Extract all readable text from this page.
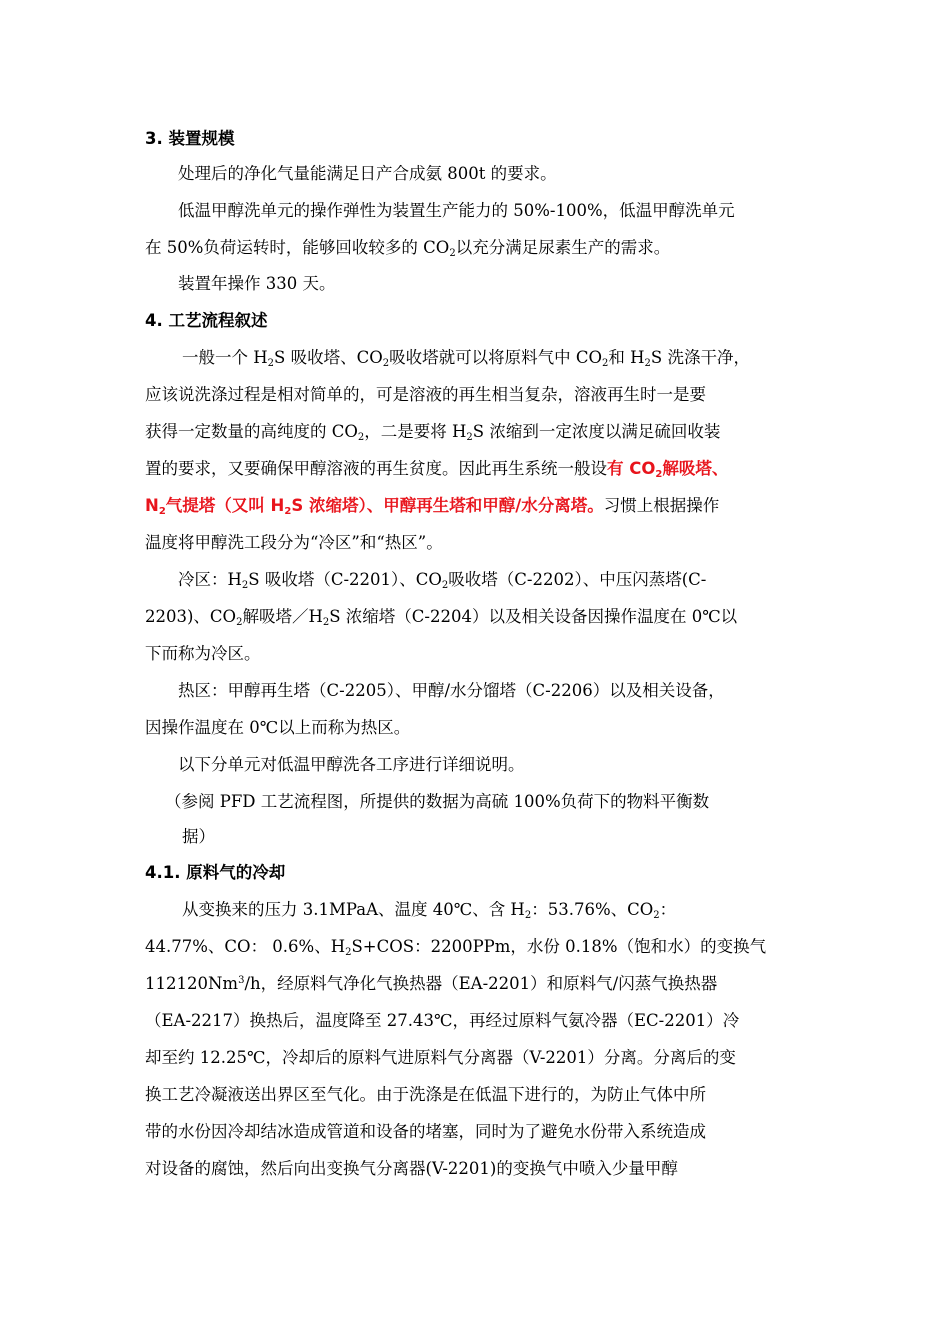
3. 装置规模
处理后的净化气量能满足日产合成氨 800t 的要求。
低温甲醇洗单元的操作弹性为装置生产能力的 50%-100%，低温甲醇洗单元
在 50%负荷运转时，能够回收较多的 $CO_2$以充分满足尿素生产的需求。
装置年操作 330 天。
4. 工艺流程叙述
一般一个 $H_2S$ 吸收塔、$CO_2$吸收塔就可以将原料气中 $CO_2$和 $H_2S$ 洗涤干净，
应该说洗涤过程是相对简单的，可是溶液的再生相当复杂，溶液再生时一是要
获得一定数量的高纯度的 $CO_2$，二是要将 $H_2S$ 浓缩到一定浓度以满足硫回收装
置的要求，又要确保甲醇溶液的再生贫度。因此再生系统一般设有 $CO_2$解吸塔、
$N_2$气提塔（又叫 $H_2S$ 浓缩塔）、甲醇再生塔和甲醇/水分离塔。习惯上根据操作
温度将甲醇洗工段分为“冷区”和“热区”。
冷区：$H_2S$ 吸收塔（C-2201）、$CO_2$吸收塔（C-2202）、中压闪蒸塔(C-
2203)、$CO_2$解吸塔$/H_2S$ 浓缩塔（C-2204）以及相关设备因操作温度在 0℃以
下而称为冷区。
热区：甲醇再生塔（C-2205）、甲醇/水分馏塔（C-2206）以及相关设备，
因操作温度在 0℃以上而称为热区。
以下分单元对低温甲醇洗各工序进行详细说明。
（参阅 PFD 工艺流程图，所提供的数据为高硫 100%负荷下的物料平衡数
据）
4.1. 原料气的冷却
从变换来的压力 3.1MPaA、温度 40℃、含 $H_2$：53.76%、$CO_2$：
44.77%、CO： 0.6%、$H_2S+COS$：2200PPm，水份 0.18%（饱和水）的变换气
112120Nm$^3$/h，经原料气净化气换热器（EA-2201）和原料气/闪蒸气换热器
（EA-2217）换热后，温度降至 27.43℃，再经过原料气氨冷器（EC-2201）冷
却至约 12.25℃，冷却后的原料气进原料气分离器（V-2201）分离。分离后的变
换工艺冷凝液送出界区至气化。由于洗涤是在低温下进行的，为防止气体中所
带的水份因冷却结冰造成管道和设备的堵塞，同时为了避免水份带入系统造成
对设备的腐蚀，然后向出变换气分离器(V-2201)的变换气中喷入少量甲醇
